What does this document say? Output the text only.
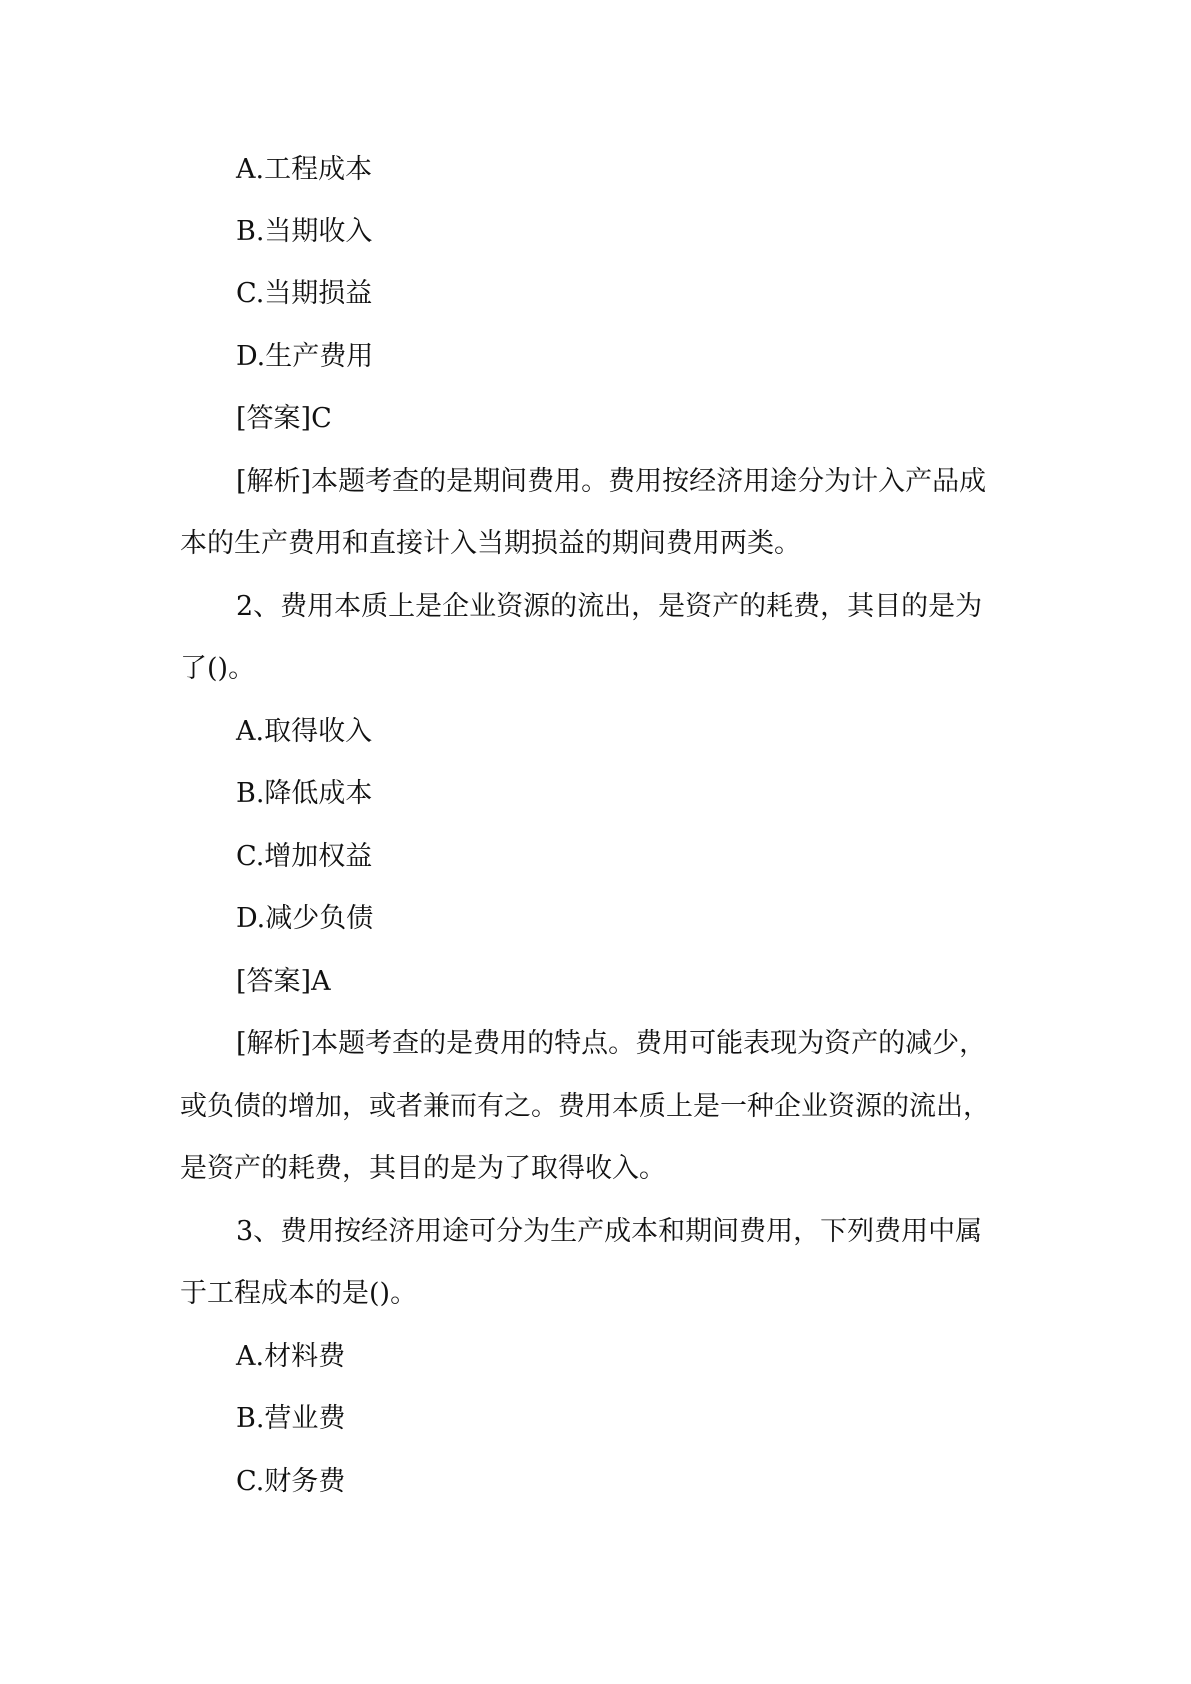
A.工程成本

B.当期收入

C.当期损益

D.生产费用

[答案]C

[解析]本题考查的是期间费用。费用按经济用途分为计入产品成

本的生产费用和直接计入当期损益的期间费用两类。

2、费用本质上是企业资源的流出，是资产的耗费，其目的是为

了()。

A.取得收入

B.降低成本

C.增加权益

D.减少负债

[答案]A

[解析]本题考查的是费用的特点。费用可能表现为资产的减少，

或负债的增加，或者兼而有之。费用本质上是一种企业资源的流出，

是资产的耗费，其目的是为了取得收入。

3、费用按经济用途可分为生产成本和期间费用，下列费用中属

于工程成本的是()。

A.材料费

B.营业费

C.财务费
